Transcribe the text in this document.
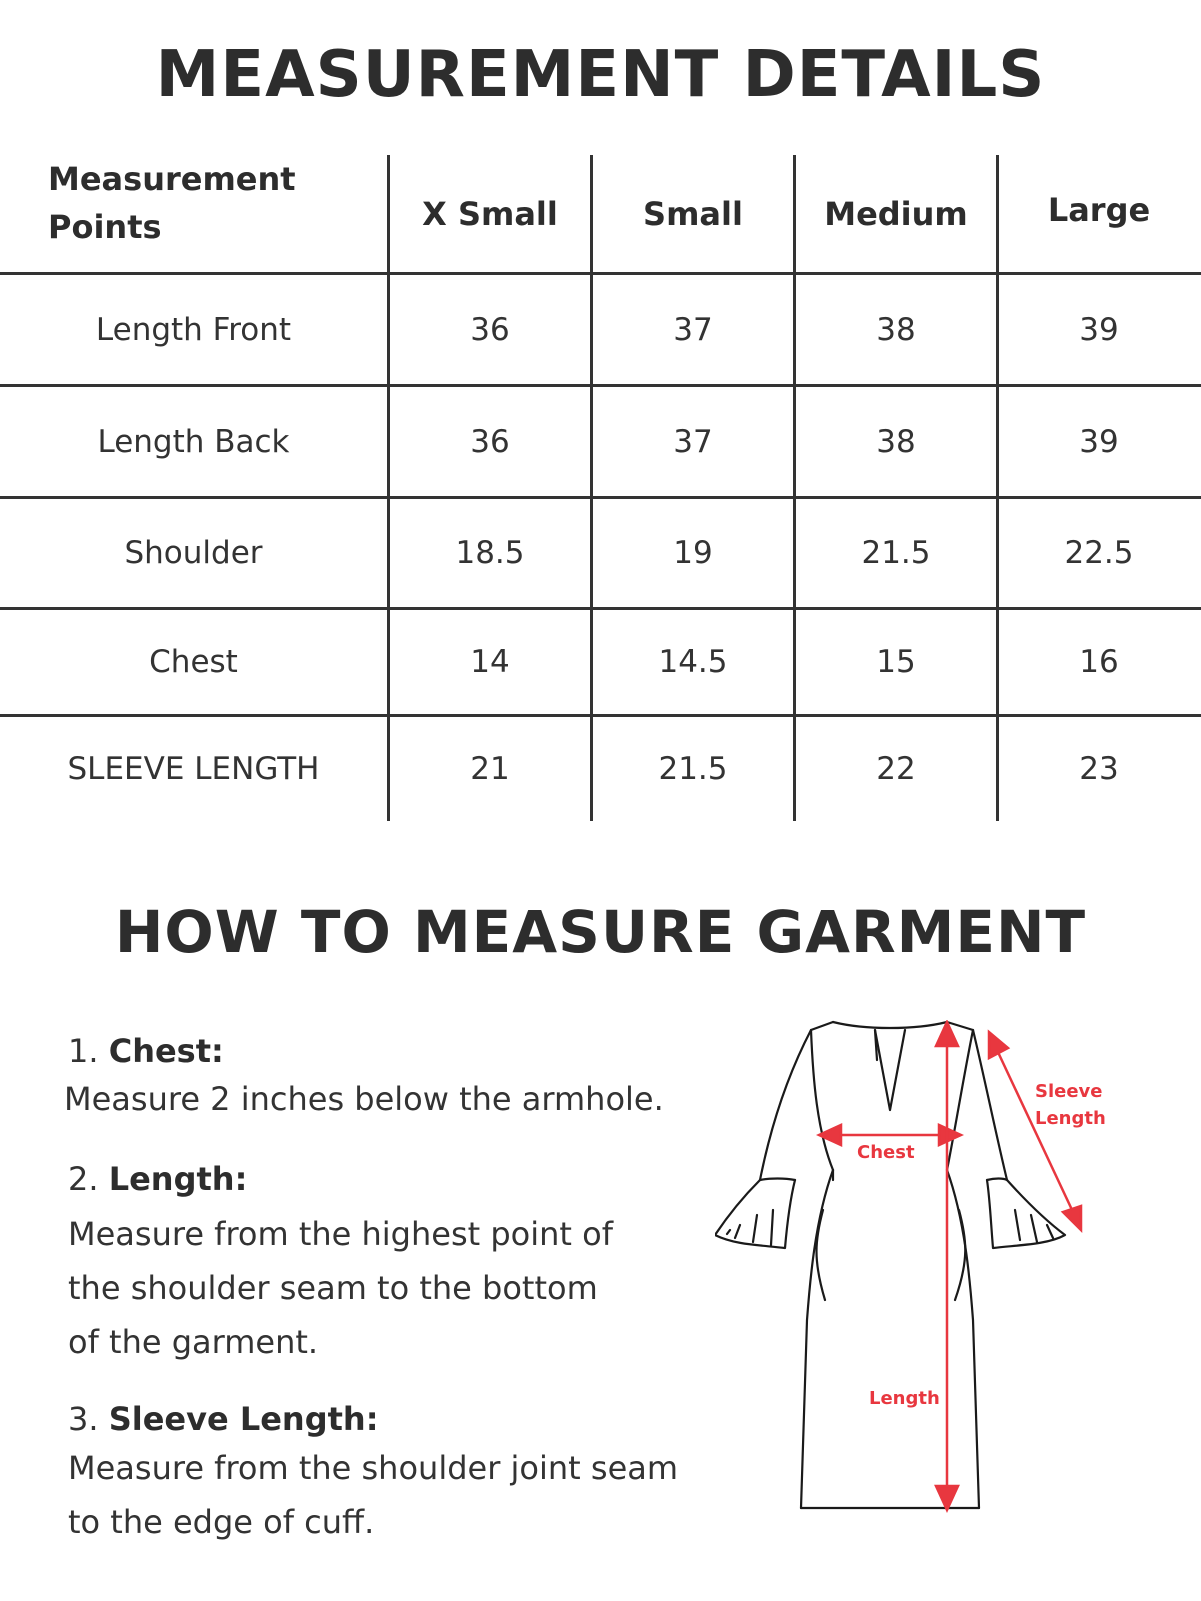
MEASUREMENT DETAILS
Measurement
Points	X Small	Small	Medium	Large
Length Front	36	37	38	39
Length Back	36	37	38	39
Shoulder	18.5	19	21.5	22.5
Chest	14	14.5	15	16
SLEEVE LENGTH	21	21.5	22	23
HOW TO MEASURE GARMENT
1. Chest:
Measure 2 inches below the armhole.
2. Length:
Measure from the highest point of
the shoulder seam to the bottom
of the garment.
3. Sleeve Length:
Measure from the shoulder joint seam
to the edge of cuff.
Chest
Length
Sleeve
Length
